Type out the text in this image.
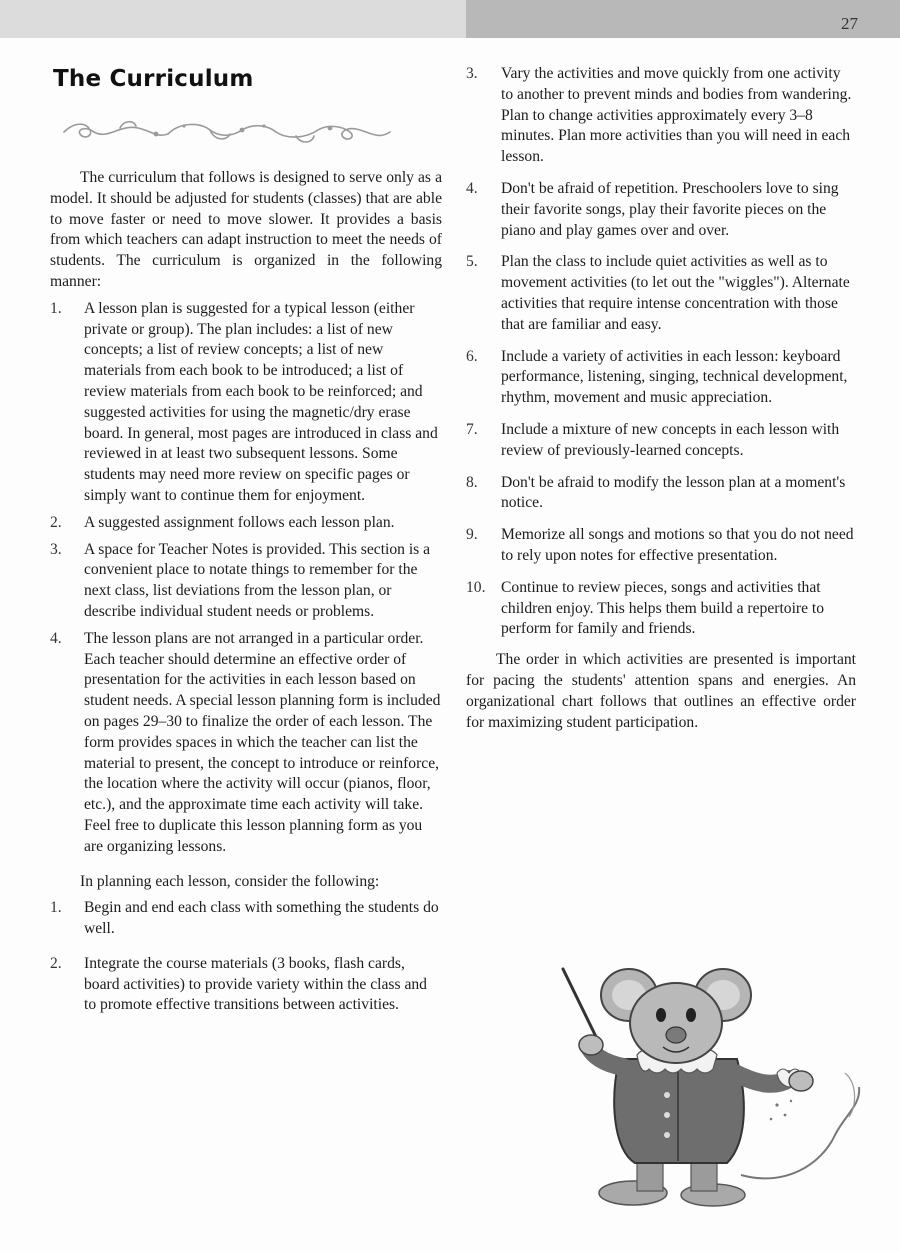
27
The Curriculum

The curriculum that follows is designed to serve only as a model. It should be adjusted for students (classes) that are able to move faster or need to move slower. It provides a basis from which teachers can adapt instruction to meet the needs of students. The curriculum is organized in the following manner:

1.	A lesson plan is suggested for a typical lesson (either private or group). The plan includes: a list of new concepts; a list of review concepts; a list of new materials from each book to be introduced; a list of review materials from each book to be reinforced; and suggested activities for using the magnetic/dry erase board. In general, most pages are introduced in class and reviewed in at least two subsequent lessons. Some students may need more review on specific pages or simply want to continue them for enjoyment.
2.	A suggested assignment follows each lesson plan.
3.	A space for Teacher Notes is provided. This section is a convenient place to notate things to remember for the next class, list deviations from the lesson plan, or describe individual student needs or problems.
4.	The lesson plans are not arranged in a particular order. Each teacher should determine an effective order of presentation for the activities in each lesson based on student needs. A special lesson planning form is included on pages 29–30 to finalize the order of each lesson. The form provides spaces in which the teacher can list the material to present, the concept to introduce or reinforce, the location where the activity will occur (pianos, floor, etc.), and the approximate time each activity will take. Feel free to duplicate this lesson planning form as you are organizing lessons.

In planning each lesson, consider the following:

1.	Begin and end each class with something the students do well.
2.	Integrate the course materials (3 books, flash cards, board activities) to provide variety within the class and to promote effective transitions between activities.
3.	Vary the activities and move quickly from one activity to another to prevent minds and bodies from wandering. Plan to change activities approximately every 3–8 minutes. Plan more activities than you will need in each lesson.
4.	Don't be afraid of repetition. Preschoolers love to sing their favorite songs, play their favorite pieces on the piano and play games over and over.
5.	Plan the class to include quiet activities as well as to movement activities (to let out the "wiggles"). Alternate activities that require intense concentration with those that are familiar and easy.
6.	Include a variety of activities in each lesson: keyboard performance, listening, singing, technical development, rhythm, movement and music appreciation.
7.	Include a mixture of new concepts in each lesson with review of previously-learned concepts.
8.	Don't be afraid to modify the lesson plan at a moment's notice.
9.	Memorize all songs and motions so that you do not need to rely upon notes for effective presentation.
10. Continue to review pieces, songs and activities that children enjoy. This helps them build a repertoire to perform for family and friends.

The order in which activities are presented is important for pacing the students' attention spans and energies. An organizational chart follows that outlines an effective order for maximizing student participation.
